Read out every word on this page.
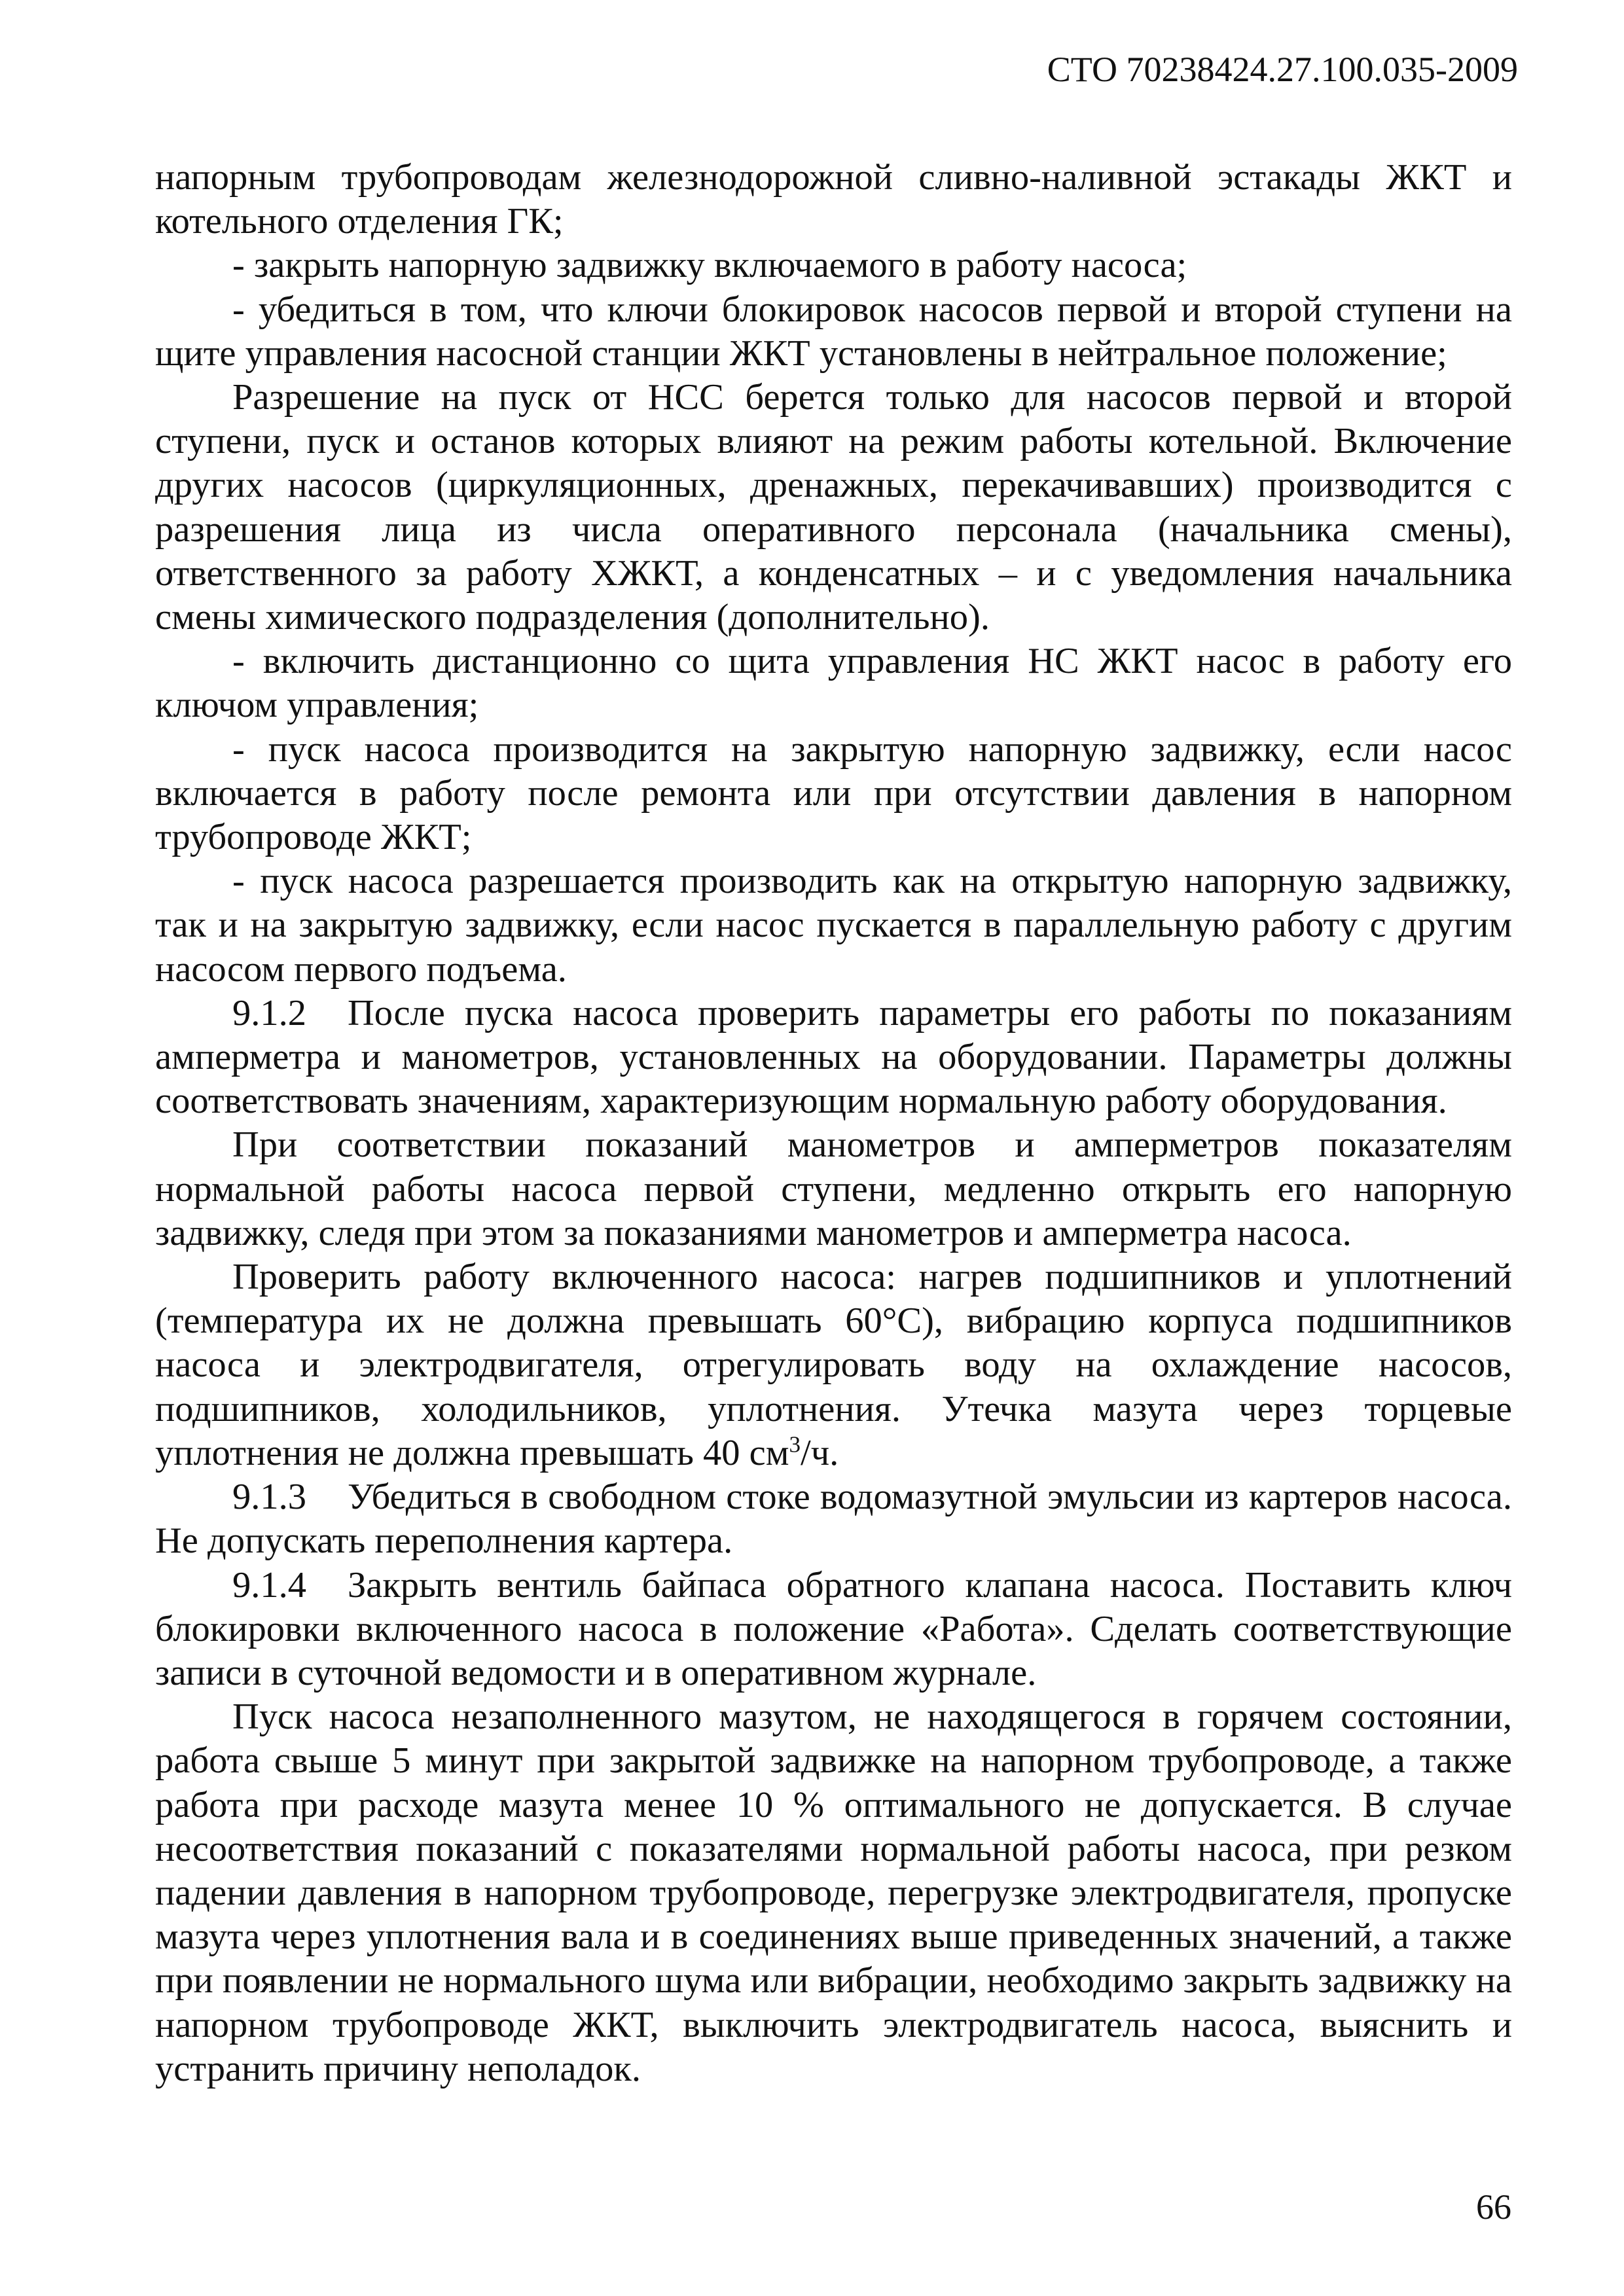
СТО 70238424.27.100.035-2009

напорным трубопроводам железнодорожной сливно-наливной эстакады ЖКТ и котельного отделения ГК;

- закрыть напорную задвижку включаемого в работу насоса;

- убедиться в том, что ключи блокировок насосов первой и второй ступени на щите управления насосной станции ЖКТ установлены в нейтральное положение;

Разрешение на пуск от НСС берется только для насосов первой и второй ступени, пуск и останов которых влияют на режим работы котельной. Включение других насосов (циркуляционных, дренажных, перекачивавших) производится с разрешения лица из числа оперативного персонала (начальника смены), ответственного за работу ХЖКТ, а конденсатных – и с уведомления начальника смены химического подразделения (дополнительно).

- включить дистанционно со щита управления НС ЖКТ насос в работу его ключом управления;

- пуск насоса производится на закрытую напорную задвижку, если насос включается в работу после ремонта или при отсутствии давления в напорном трубопроводе ЖКТ;

- пуск насоса разрешается производить как на открытую напорную задвижку, так и на закрытую задвижку, если насос пускается в параллельную работу с другим насосом первого подъема.

9.1.2 После пуска насоса проверить параметры его работы по показаниям амперметра и манометров, установленных на оборудовании. Параметры должны соответствовать значениям, характеризующим нормальную работу оборудования.

При соответствии показаний манометров и амперметров показателям нормальной работы насоса первой ступени, медленно открыть его напорную задвижку, следя при этом за показаниями манометров и амперметра насоса.

Проверить работу включенного насоса: нагрев подшипников и уплотнений (температура их не должна превышать 60°С), вибрацию корпуса подшипников насоса и электродвигателя, отрегулировать воду на охлаждение насосов, подшипников, холодильников, уплотнения. Утечка мазута через торцевые уплотнения не должна превышать 40 $см^3/ч$.

9.1.3 Убедиться в свободном стоке водомазутной эмульсии из картеров насоса. Не допускать переполнения картера.

9.1.4 Закрыть вентиль байпаса обратного клапана насоса. Поставить ключ блокировки включенного насоса в положение «Работа». Сделать соответствующие записи в суточной ведомости и в оперативном журнале.

Пуск насоса незаполненного мазутом, не находящегося в горячем состоянии, работа свыше 5 минут при закрытой задвижке на напорном трубопроводе, а также работа при расходе мазута менее 10 % оптимального не допускается. В случае несоответствия показаний с показателями нормальной работы насоса, при резком падении давления в напорном трубопроводе, перегрузке электродвигателя, пропуске мазута через уплотнения вала и в соединениях выше приведенных значений, а также при появлении не нормального шума или вибрации, необходимо закрыть задвижку на напорном трубопроводе ЖКТ, выключить электродвигатель насоса, выяснить и устранить причину неполадок.

66
